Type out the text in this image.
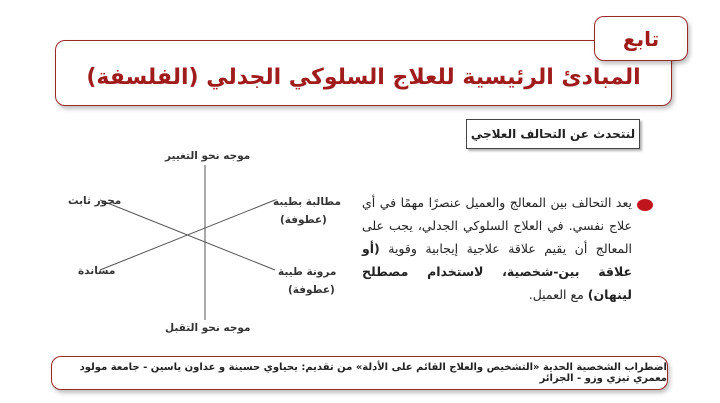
المبادئ الرئيسية للعلاج السلوكي الجدلي (الفلسفة)
تابع
لنتحدث عن التحالف العلاجي
موجه نحو التغيير
موجه نحو التقبل
محور ثابت
مساندة
مطالبة بطيبة
(عطوفة)
مرونة طيبة
(عطوفة)
يعد التحالف بين المعالج والعميل عنصرًا مهمًا في أي علاج نفسي. في العلاج السلوكي الجدلي، يجب على المعالج أن يقيم علاقة علاجية إيجابية وقوية (أو علاقة بين-شخصية، لاستخدام مصطلح لينهان) مع العميل.
اضطراب الشخصية الحدية «التشخيص والعلاج القائم على الأدلة» من تقديم: يحياوي حسينة و عداون ياسين - جامعة مولود معمري تيزي وزو - الجزائر
